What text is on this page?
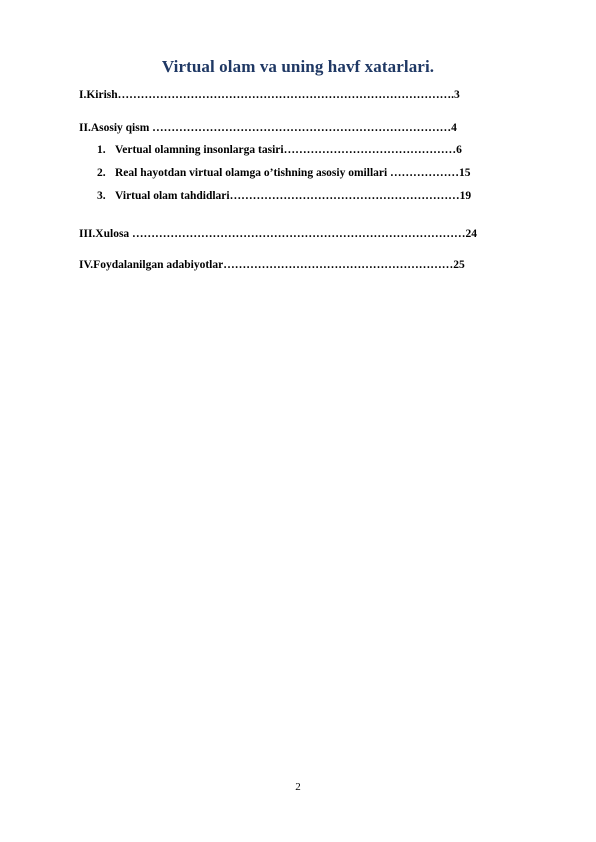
Virtual olam va uning havf xatarlari.
I.Kirish…………………………………………………………………………….3
II.Asosiy qism ……………………………………………………………………4
1. Vertual olamning insonlarga tasiri………………………………………6
2. Real hayotdan virtual olamga o’tishning asosiy omillari ………………15
3. Virtual olam tahdidlari……………………………………………………19
III.Xulosa ……………………………………………………………………………24
IV.Foydalanilgan adabiyotlar……………………………………………………25
2
